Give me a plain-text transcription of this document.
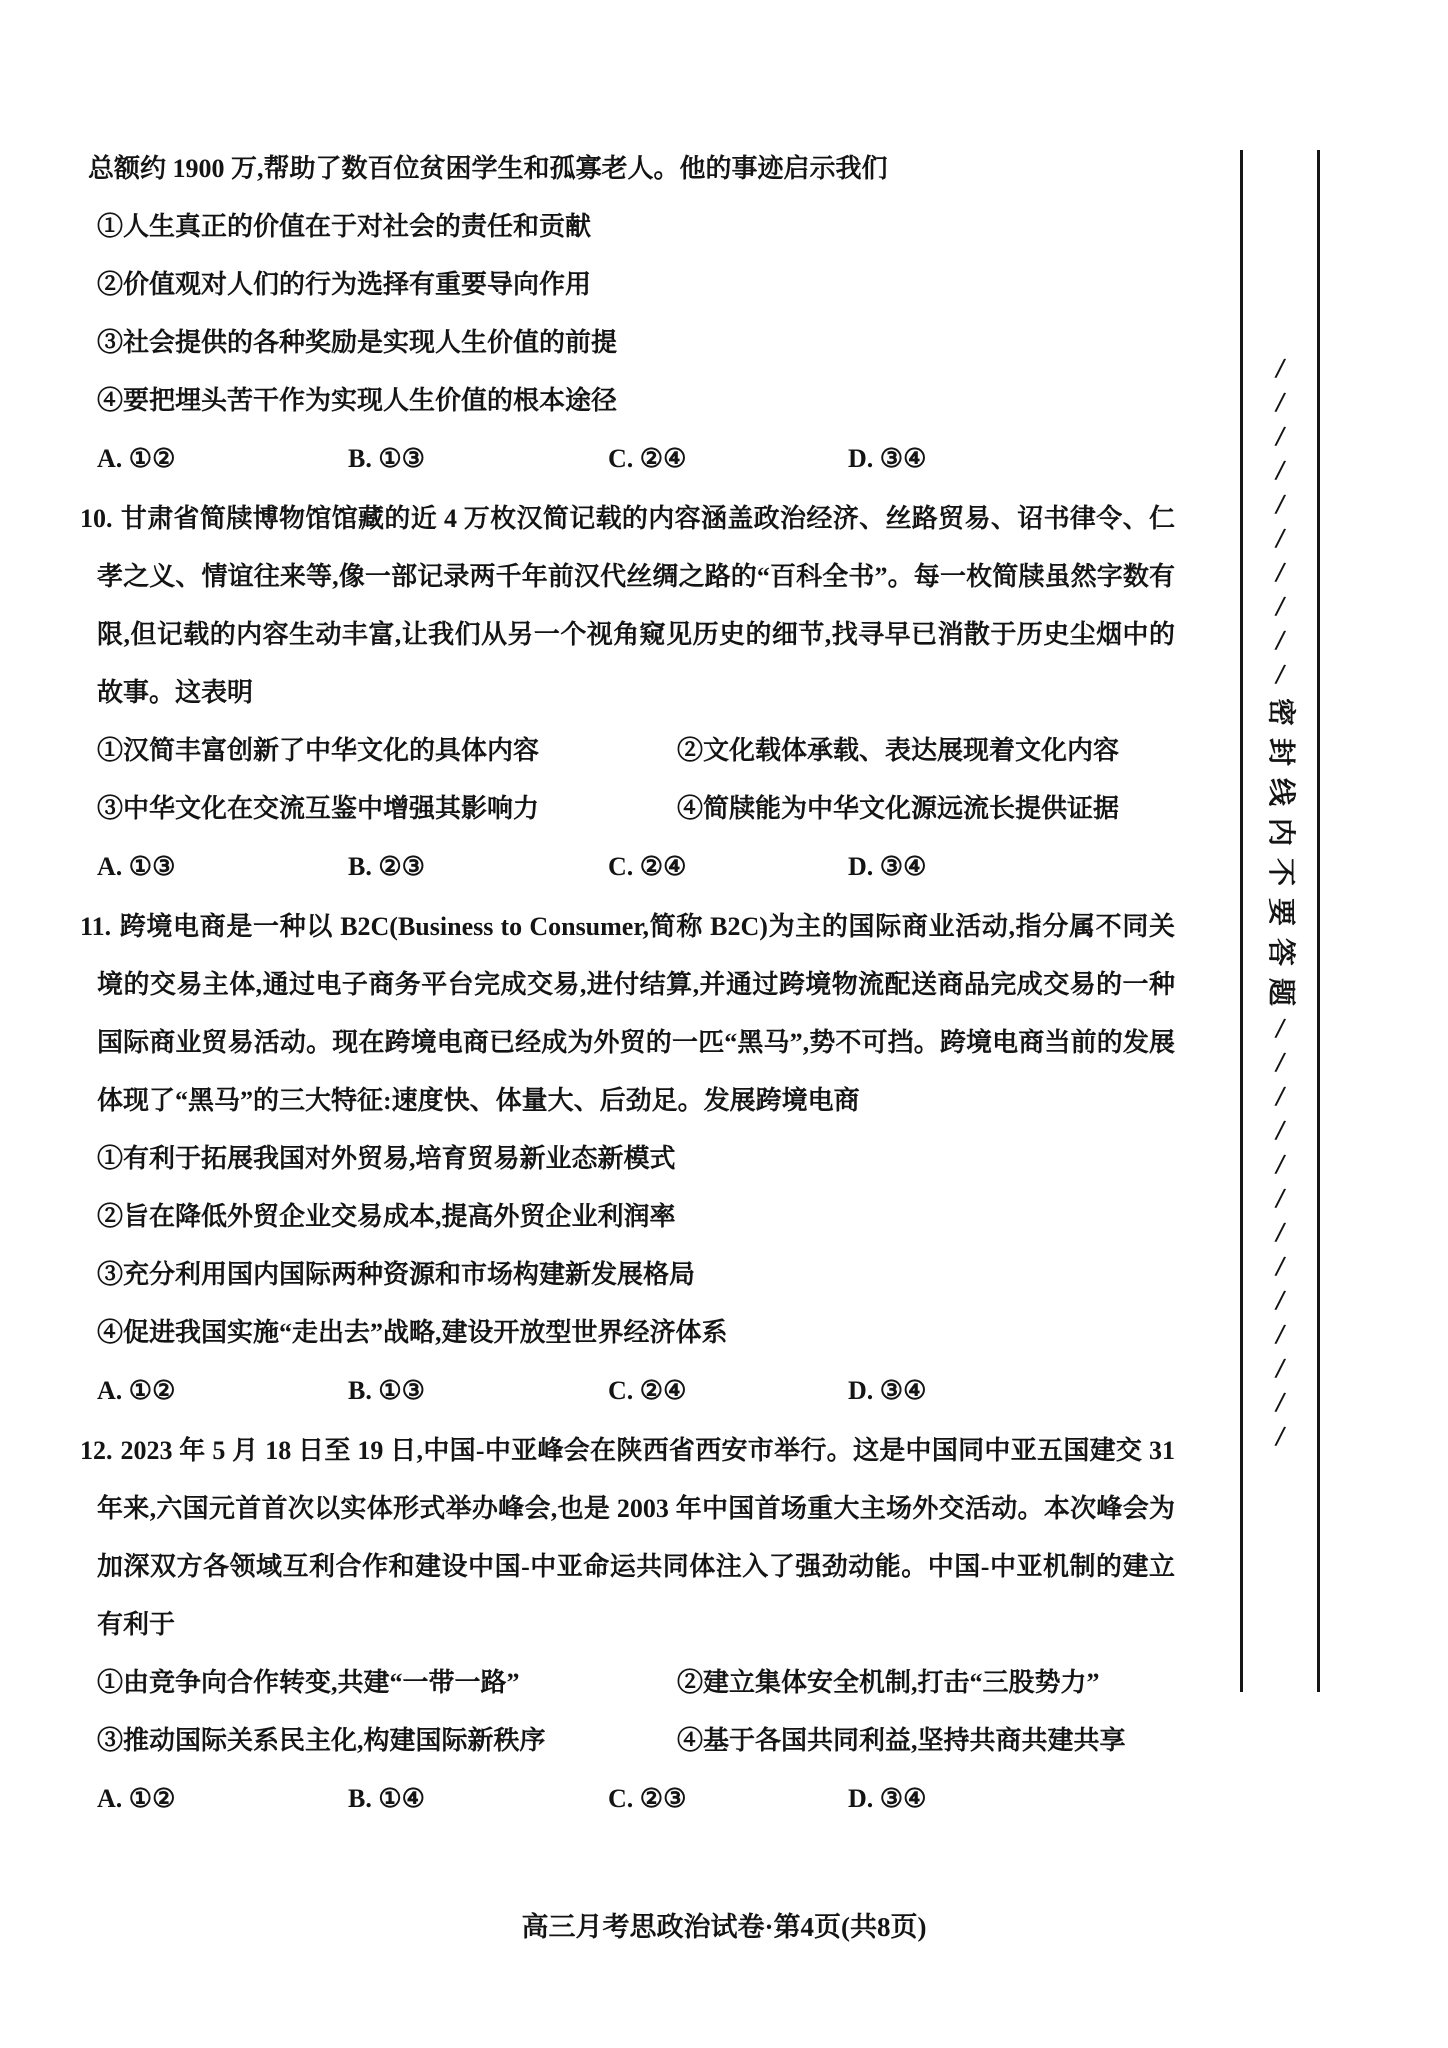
总额约 1900 万,帮助了数百位贫困学生和孤寡老人。他的事迹启示我们

①人生真正的价值在于对社会的责任和贡献
②价值观对人们的行为选择有重要导向作用
③社会提供的各种奖励是实现人生价值的前提
④要把埋头苦干作为实现人生价值的根本途径
A. ①②	B. ①③	C. ②④	D. ③④

10. 甘肃省简牍博物馆馆藏的近 4 万枚汉简记载的内容涵盖政治经济、丝路贸易、诏书律令、仁孝之义、情谊往来等,像一部记录两千年前汉代丝绸之路的“百科全书”。每一枚简牍虽然字数有限,但记载的内容生动丰富,让我们从另一个视角窥见历史的细节,找寻早已消散于历史尘烟中的故事。这表明

①汉简丰富创新了中华文化的具体内容	②文化载体承载、表达展现着文化内容
③中华文化在交流互鉴中增强其影响力	④简牍能为中华文化源远流长提供证据
A. ①③	B. ②③	C. ②④	D. ③④

11. 跨境电商是一种以 B2C(Business to Consumer,简称 B2C)为主的国际商业活动,指分属不同关境的交易主体,通过电子商务平台完成交易,进付结算,并通过跨境物流配送商品完成交易的一种国际商业贸易活动。现在跨境电商已经成为外贸的一匹“黑马”,势不可挡。跨境电商当前的发展体现了“黑马”的三大特征:速度快、体量大、后劲足。发展跨境电商

①有利于拓展我国对外贸易,培育贸易新业态新模式
②旨在降低外贸企业交易成本,提高外贸企业利润率
③充分利用国内国际两种资源和市场构建新发展格局
④促进我国实施“走出去”战略,建设开放型世界经济体系
A. ①②	B. ①③	C. ②④	D. ③④

12. 2023 年 5 月 18 日至 19 日,中国-中亚峰会在陕西省西安市举行。这是中国同中亚五国建交 31 年来,六国元首首次以实体形式举办峰会,也是 2003 年中国首场重大主场外交活动。本次峰会为加深双方各领域互利合作和建设中国-中亚命运共同体注入了强劲动能。中国-中亚机制的建立有利于

①由竞争向合作转变,共建“一带一路”	②建立集体安全机制,打击“三股势力”
③推动国际关系民主化,构建国际新秩序	④基于各国共同利益,坚持共商共建共享
A. ①②	B. ①④	C. ②③	D. ③④
/
/
/
/
/
/
/
/
/
/
密
封
线
内
不
要
答
题
/
/
/
/
/
/
/
/
/
/
/
/
/
高三月考思政治试卷·第4页(共8页)
